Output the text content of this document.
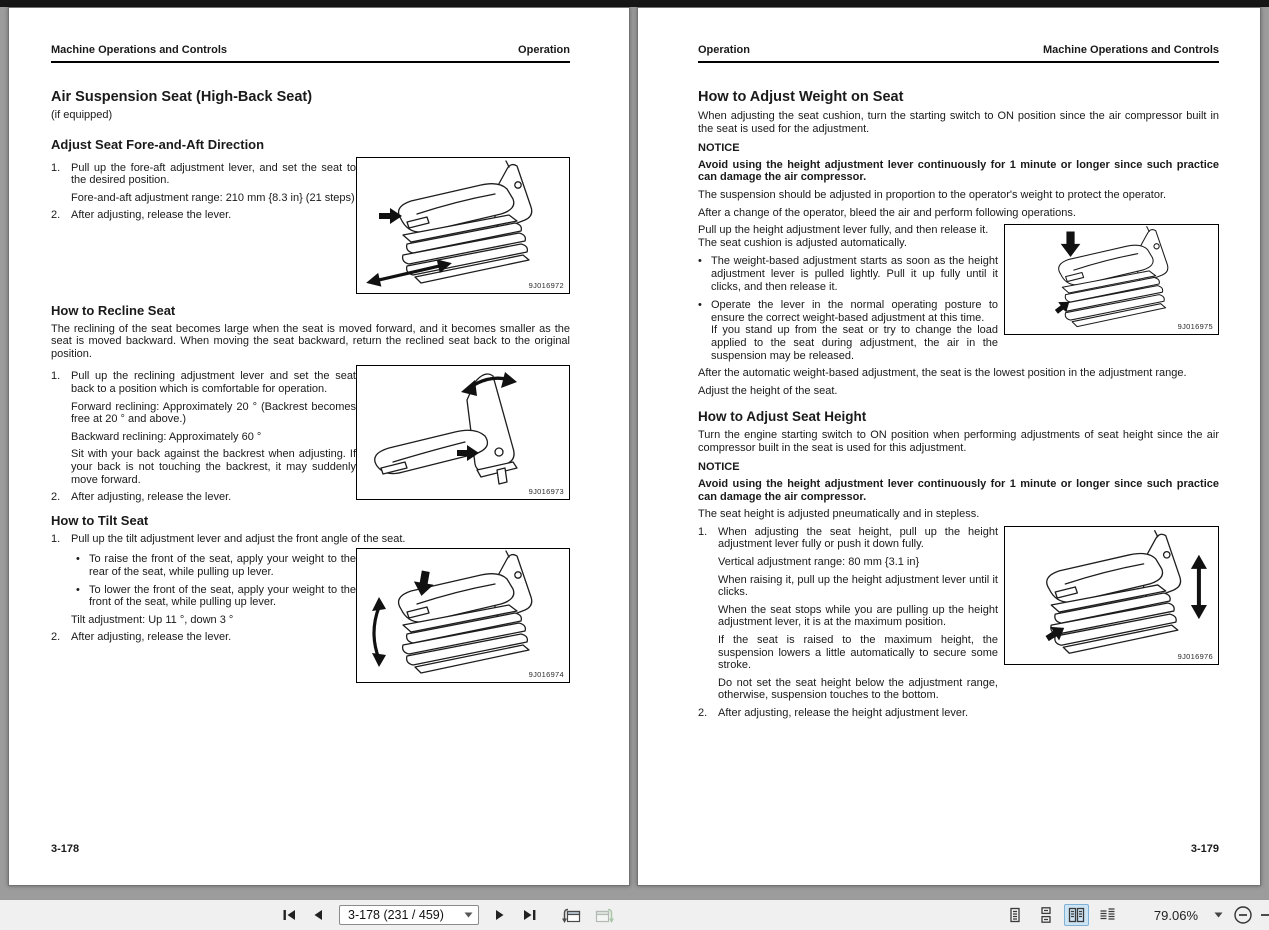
Machine Operations and Controls	Operation
Air Suspension Seat (High-Back Seat)

(if equipped)

Adjust Seat Fore-and-Aft Direction
1. Pull up the fore-aft adjustment lever, and set the seat to the desired position.

Fore-and-aft adjustment range: 210 mm {8.3 in} (21 steps)

2. After adjusting, release the lever.

9J016972
How to Recline Seat

The reclining of the seat becomes large when the seat is moved forward, and it becomes smaller as the seat is moved backward. When moving the seat backward, return the reclined seat back to the original position.

1. Pull up the reclining adjustment lever and set the seat back to a position which is comfortable for operation.

Forward reclining: Approximately 20 ° (Backrest becomes free at 20 ° and above.)

Backward reclining: Approximately 60 °

Sit with your back against the backrest when adjusting. If your back is not touching the backrest, it may suddenly move forward.

2. After adjusting, release the lever.	9J016973
How to Tilt Seat
1. Pull up the tilt adjustment lever and adjust the front angle of the seat.

• To raise the front of the seat, apply your weight to the rear of the seat, while pulling up lever.

• To lower the front of the seat, apply your weight to the front of the seat, while pulling up lever.

Tilt adjustment: Up 11 °, down 3 °

2. After adjusting, release the lever.

9J016974
3-178
Operation	Machine Operations and Controls
How to Adjust Weight on Seat

When adjusting the seat cushion, turn the starting switch to ON position since the air compressor built in the seat is used for the adjustment.

NOTICE

Avoid using the height adjustment lever continuously for 1 minute or longer since such practice can damage the air compressor.

The suspension should be adjusted in proportion to the operator's weight to protect the operator.

After a change of the operator, bleed the air and perform following operations.

Pull up the height adjustment lever fully, and then release it.

The seat cushion is adjusted automatically.

• The weight-based adjustment starts as soon as the height adjustment lever is pulled lightly. Pull it up fully until it clicks, and then release it.

• Operate the lever in the normal operating posture to ensure the correct weight-based adjustment at this time.

If you stand up from the seat or try to change the load applied to the seat during adjustment, the air in the suspension may be released.

9J016975

After the automatic weight-based adjustment, the seat is the lowest position in the adjustment range.

Adjust the height of the seat.

How to Adjust Seat Height

Turn the engine starting switch to ON position when performing adjustments of seat height since the air compressor built in the seat is used for this adjustment.

NOTICE

Avoid using the height adjustment lever continuously for 1 minute or longer since such practice can damage the air compressor.

The seat height is adjusted pneumatically and in stepless.

1. When adjusting the seat height, pull up the height adjustment lever fully or push it down fully.

Vertical adjustment range: 80 mm {3.1 in}

When raising it, pull up the height adjustment lever until it clicks.

When the seat stops while you are pulling up the height adjustment lever, it is at the maximum position.

If the seat is raised to the maximum height, the suspension lowers a little automatically to secure some stroke.

Do not set the seat height below the adjustment range, otherwise, suspension touches to the bottom.

2. After adjusting, release the height adjustment lever.

9J016976
3-179
3-178 (231 / 459)	79.06%
